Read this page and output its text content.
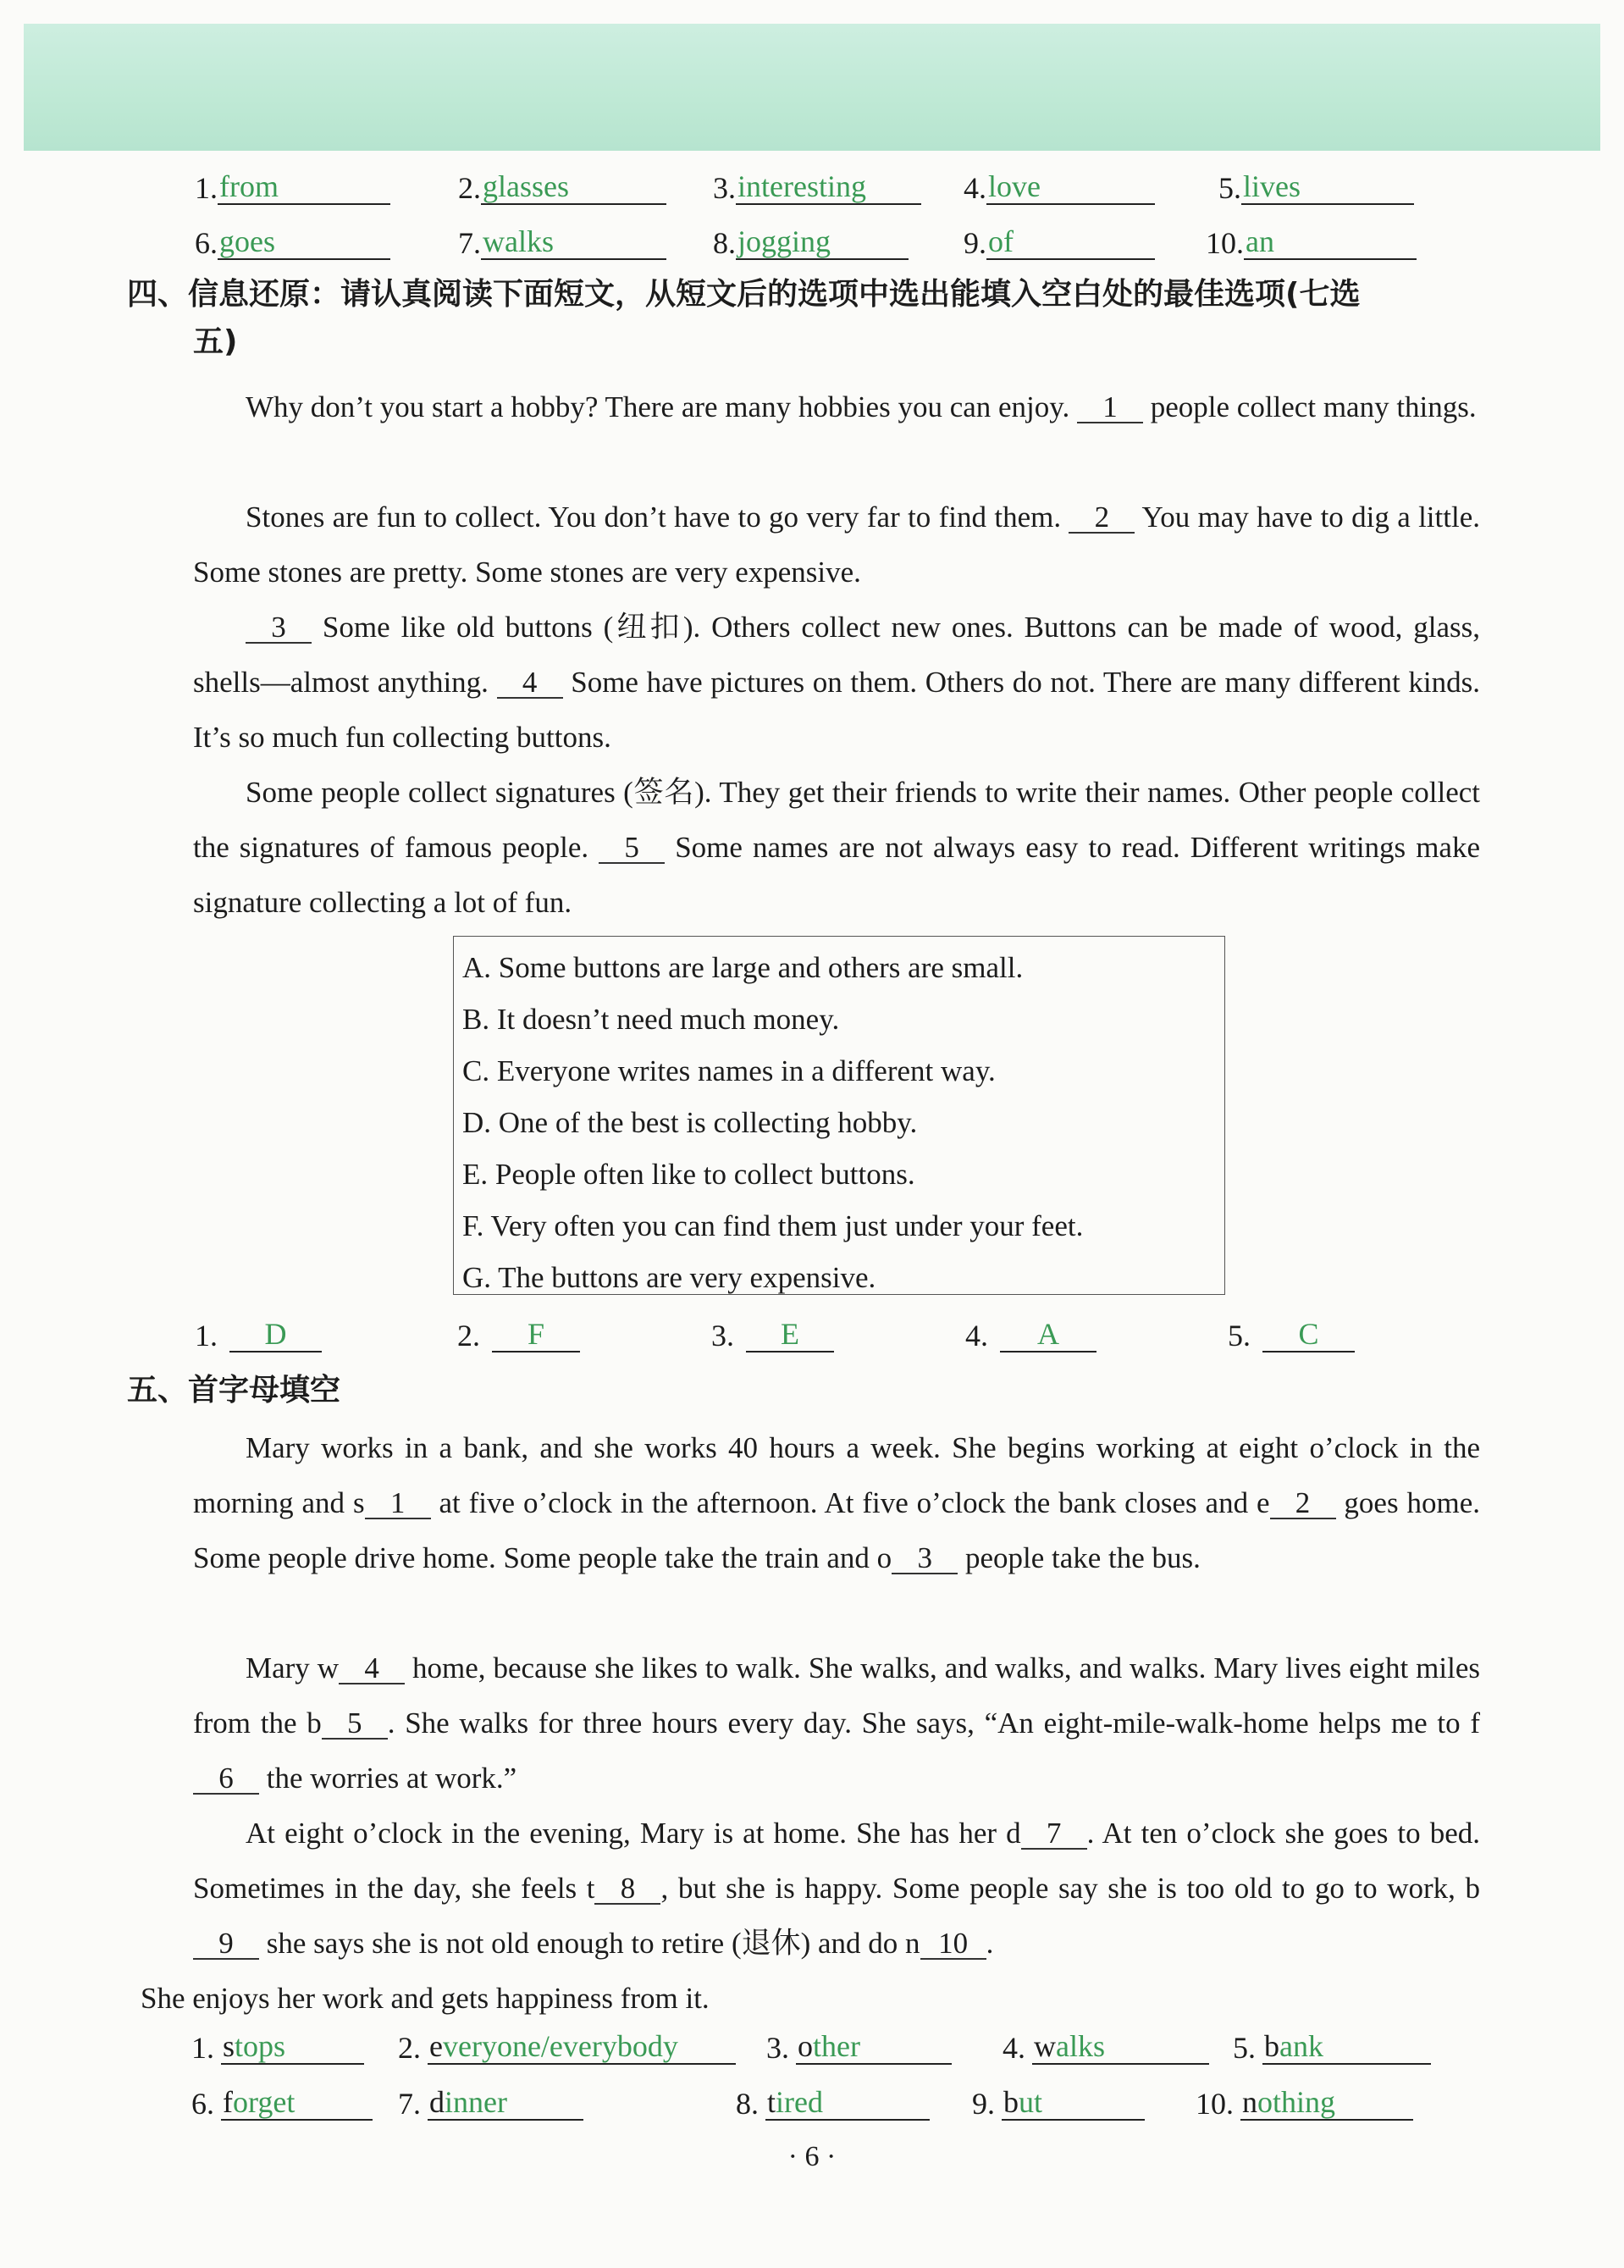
1. from	2. glasses	3. interesting	4. love	5. lives
6. goes	7. walks	8. jogging	9. of	10. an
四、信息还原：请认真阅读下面短文，从短文后的选项中选出能填入空白处的最佳选项(七选
五)
Why don’t you start a hobby? There are many hobbies you can enjoy. 1 people collect many things.
Stones are fun to collect. You don’t have to go very far to find them. 2 You may have to dig a little. Some stones are pretty. Some stones are very expensive.
3 Some like old buttons (纽扣). Others collect new ones. Buttons can be made of wood, glass, shells—almost anything. 4 Some have pictures on them. Others do not. There are many different kinds. It’s so much fun collecting buttons.
Some people collect signatures (签名). They get their friends to write their names. Other people collect the signatures of famous people. 5 Some names are not always easy to read. Different writings make signature collecting a lot of fun.
A. Some buttons are large and others are small.
B. It doesn’t need much money.
C. Everyone writes names in a different way.
D. One of the best is collecting hobby.
E. People often like to collect buttons.
F. Very often you can find them just under your feet.
G. The buttons are very expensive.
1.	D	2.	F	3.	E	4.	A	5.	C
五、首字母填空
Mary works in a bank, and she works 40 hours a week. She begins working at eight o’clock in the morning and s 1 at five o’clock in the afternoon. At five o’clock the bank closes and e 2 goes home. Some people drive home. Some people take the train and o 3 people take the bus.
Mary w 4 home, because she likes to walk. She walks, and walks, and walks. Mary lives eight miles from the b 5 . She walks for three hours every day. She says, “An eight-mile-walk-home helps me to f6 the worries at work.”
At eight o’clock in the evening, Mary is at home. She has her d 7 . At ten o’clock she goes to bed. Sometimes in the day, she feels t 8 , but she is happy. Some people say she is too old to go to work, b9 she says she is not old enough to retire (退休) and do n 10 .
She enjoys her work and gets happiness from it.
1. stops	2. everyone/everybody	3. other	4. walks	5. bank
6. forget	7. dinner	8. tired	9. but	10. nothing
· 6 ·
